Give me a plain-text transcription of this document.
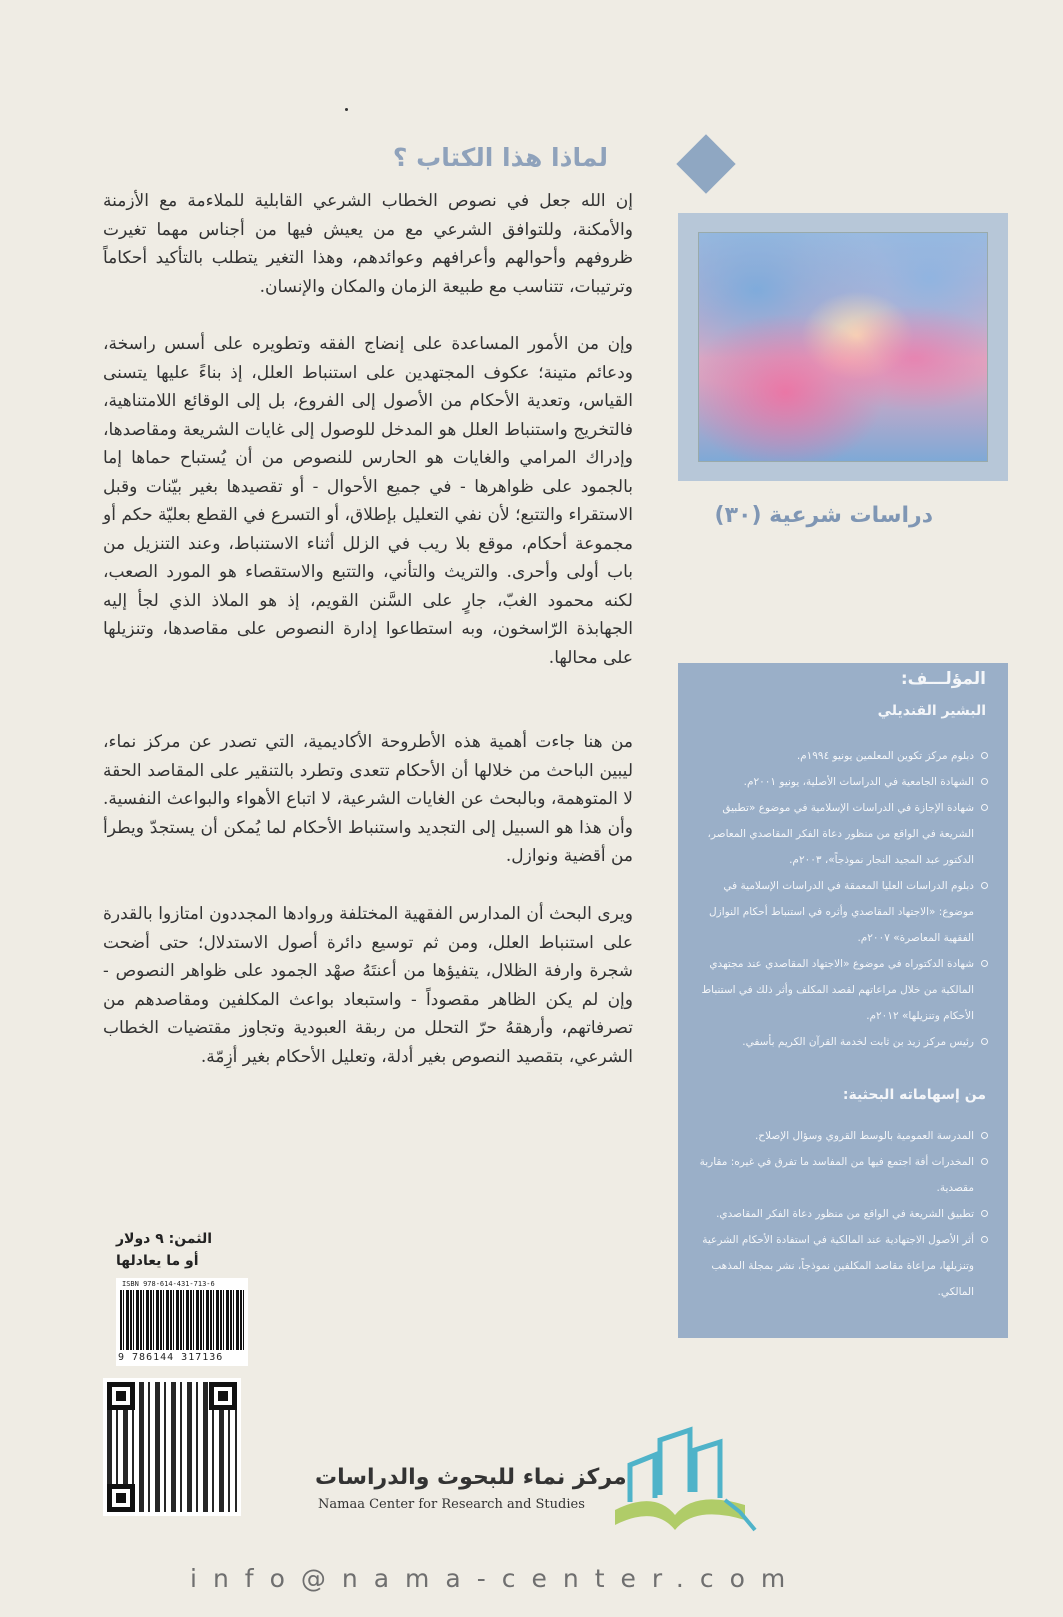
لماذا هذا الكتاب ؟
إن الله جعل في نصوص الخطاب الشرعي القابلية للملاءمة مع الأزمنة والأمكنة، وللتوافق الشرعي مع من يعيش فيها من أجناس مهما تغيرت ظروفهم وأحوالهم وأعرافهم وعوائدهم، وهذا التغير يتطلب بالتأكيد أحكاماً وترتيبات، تتناسب مع طبيعة الزمان والمكان والإنسان.
وإن من الأمور المساعدة على إنضاج الفقه وتطويره على أسس راسخة، ودعائم متينة؛ عكوف المجتهدين على استنباط العلل، إذ بناءً عليها يتسنى القياس، وتعدية الأحكام من الأصول إلى الفروع، بل إلى الوقائع اللامتناهية، فالتخريج واستنباط العلل هو المدخل للوصول إلى غايات الشريعة ومقاصدها، وإدراك المرامي والغايات هو الحارس للنصوص من أن يُستباح حماها إما بالجمود على ظواهرها - في جميع الأحوال - أو تقصيدها بغير بيّنات وقبل الاستقراء والتتبع؛ لأن نفي التعليل بإطلاق، أو التسرع في القطع بعليّة حكم أو مجموعة أحكام، موقع بلا ريب في الزلل أثناء الاستنباط، وعند التنزيل من باب أولى وأحرى. والتريث والتأني، والتتبع والاستقصاء هو المورد الصعب، لكنه محمود الغبّ، جارٍ على السَّنن القويم، إذ هو الملاذ الذي لجأ إليه الجهابذة الرّاسخون، وبه استطاعوا إدارة النصوص على مقاصدها، وتنزيلها على محالها.
من هنا جاءت أهمية هذه الأطروحة الأكاديمية، التي تصدر عن مركز نماء، ليبين الباحث من خلالها أن الأحكام تتعدى وتطرد بالتنقير على المقاصد الحقة لا المتوهمة، وبالبحث عن الغايات الشرعية، لا اتباع الأهواء والبواعث النفسية. وأن هذا هو السبيل إلى التجديد واستنباط الأحكام لما يُمكن أن يستجدّ ويطرأ من أقضية ونوازل.
ويرى البحث أن المدارس الفقهية المختلفة وروادها المجددون امتازوا بالقدرة على استنباط العلل، ومن ثم توسيع دائرة أصول الاستدلال؛ حتى أضحت شجرة وارفة الظلال، يتفيؤها من أعنتَهُ صهْد الجمود على ظواهر النصوص - وإن لم يكن الظاهر مقصوداً - واستبعاد بواعث المكلفين ومقاصدهم من تصرفاتهم، وأرهقهُ حرّ التحلل من ربقة العبودية وتجاوز مقتضيات الخطاب الشرعي، بتقصيد النصوص بغير أدلة، وتعليل الأحكام بغير أزِمّة.
دراسات شرعية (٣٠)
المؤلـــف:
البشير القنديلي
دبلوم مركز تكوين المعلمين يونيو ١٩٩٤م.
الشهادة الجامعية في الدراسات الأصلية، يونيو ٢٠٠١م.
شهادة الإجازة في الدراسات الإسلامية في موضوع «تطبيق الشريعة في الواقع من منظور دعاة الفكر المقاصدي المعاصر، الدكتور عبد المجيد النجار نموذجاً»، ٢٠٠٣م.
دبلوم الدراسات العليا المعمقة في الدراسات الإسلامية في موضوع: «الاجتهاد المقاصدي وأثره في استنباط أحكام النوازل الفقهية المعاصرة» ٢٠٠٧م.
شهادة الدكتوراه في موضوع «الاجتهاد المقاصدي عند مجتهدي المالكية من خلال مراعاتهم لقصد المكلف وأثر ذلك في استنباط الأحكام وتنزيلها» ٢٠١٢م.
رئيس مركز زيد بن ثابت لخدمة القرآن الكريم بأسفي.
من إسهاماته البحثية:
المدرسة العمومية بالوسط القروي وسؤال الإصلاح.
المخدرات أفة اجتمع فيها من المفاسد ما تفرق في غيره: مقاربة مقصدية.
تطبيق الشريعة في الواقع من منظور دعاة الفكر المقاصدي.
أثر الأصول الاجتهادية عند المالكية في استفادة الأحكام الشرعية وتنزيلها، مراعاة مقاصد المكلفين نموذجاً، نشر بمجلة المذهب المالكي.
الثمن: ٩ دولار
أو ما يعادلها
ISBN 978-614-431-713-6
9 786144 317136
مركز نماء للبحوث والدراسات
Namaa Center for Research and Studies
info@nama-center.com
